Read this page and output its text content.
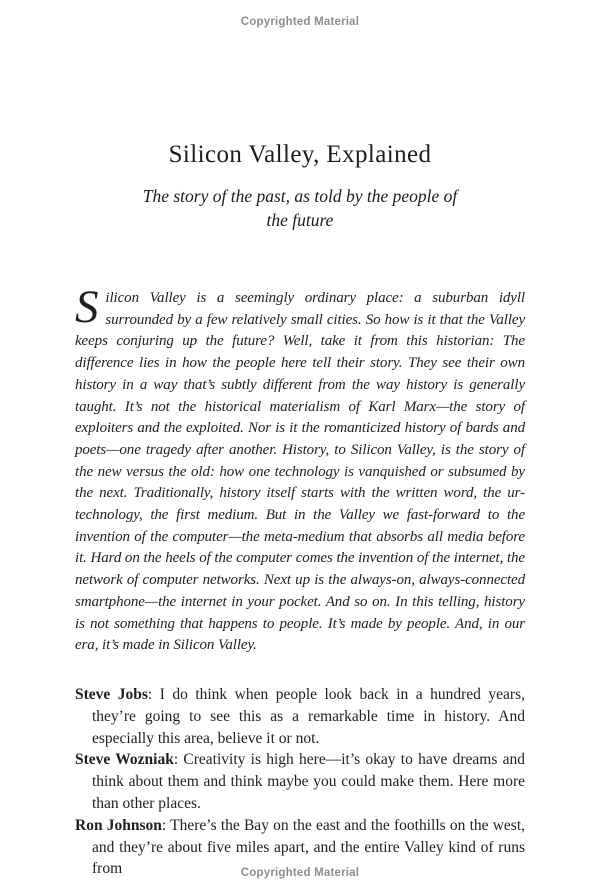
Copyrighted Material
Silicon Valley, Explained
The story of the past, as told by the people of the future

Silicon Valley is a seemingly ordinary place: a suburban idyll surrounded by a few relatively small cities. So how is it that the Valley keeps conjuring up the future? Well, take it from this historian: The difference lies in how the people here tell their story. They see their own history in a way that’s subtly different from the way history is generally taught. It’s not the historical materialism of Karl Marx—the story of exploiters and the exploited. Nor is it the romanticized history of bards and poets—one tragedy after another. History, to Silicon Valley, is the story of the new versus the old: how one technology is vanquished or subsumed by the next. Traditionally, history itself starts with the written word, the ur-technology, the first medium. But in the Valley we fast-forward to the invention of the computer—the meta-medium that absorbs all media before it. Hard on the heels of the computer comes the invention of the internet, the network of computer networks. Next up is the always-on, always-connected smartphone—the internet in your pocket. And so on. In this telling, history is not something that happens to people. It’s made by people. And, in our era, it’s made in Silicon Valley.

Steve Jobs: I do think when people look back in a hundred years, they’re going to see this as a remarkable time in history. And especially this area, believe it or not.

Steve Wozniak: Creativity is high here—it’s okay to have dreams and think about them and think maybe you could make them. Here more than other places.

Ron Johnson: There’s the Bay on the east and the foothills on the west, and they’re about five miles apart, and the entire Valley kind of runs from	Copyrighted Material
